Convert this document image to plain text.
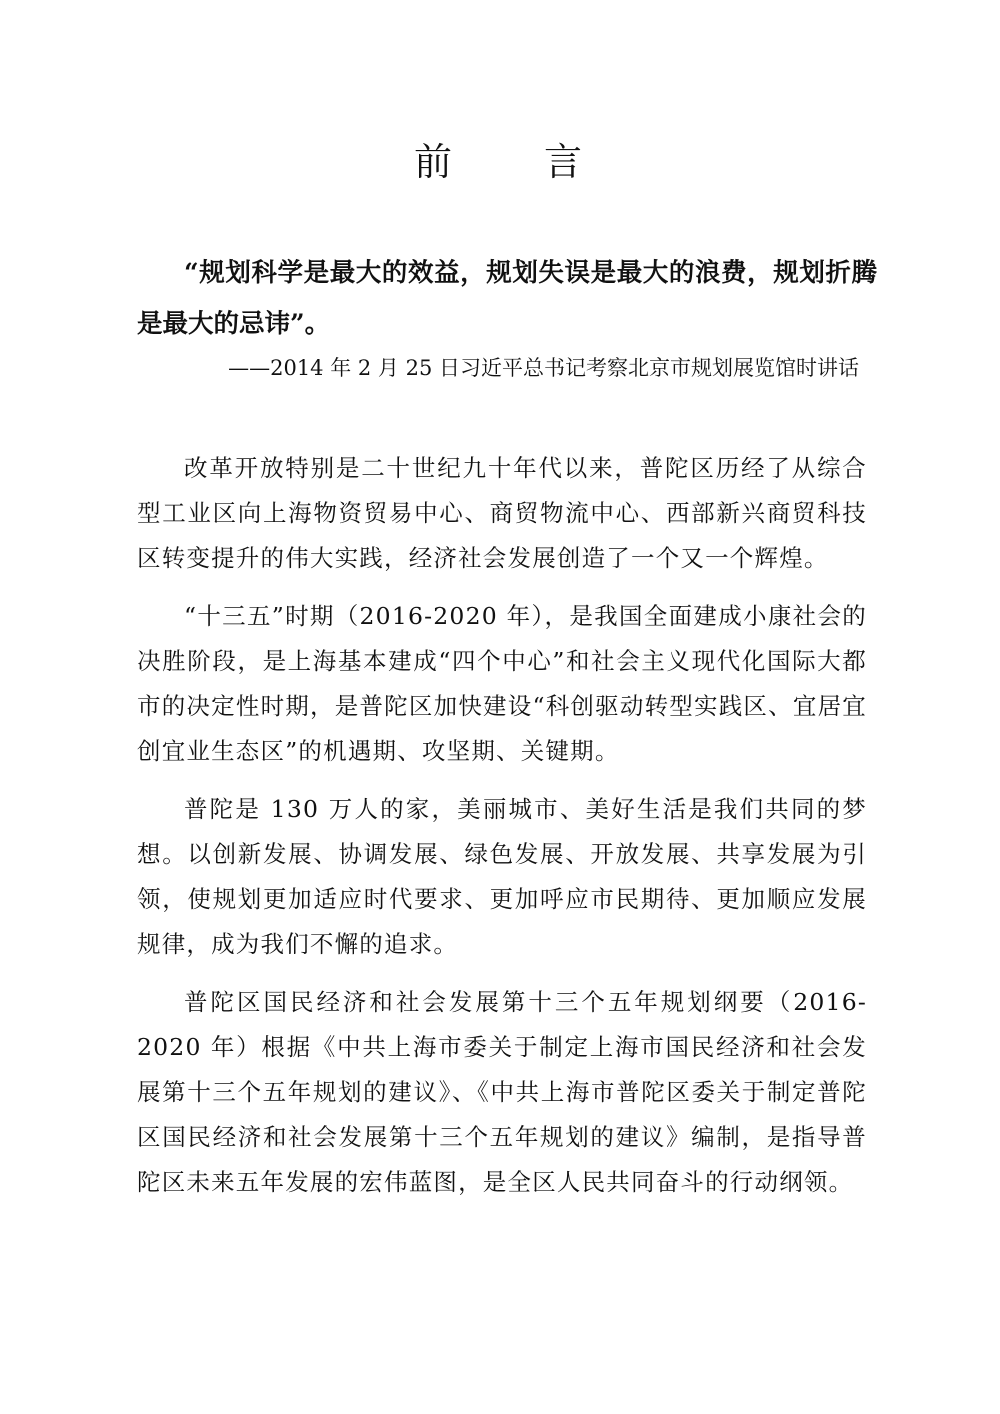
前 言

“规划科学是最大的效益，规划失误是最大的浪费，规划折腾是最大的忌讳”。

——2014 年 2 月 25 日习近平总书记考察北京市规划展览馆时讲话

改革开放特别是二十世纪九十年代以来，普陀区历经了从综合型工业区向上海物资贸易中心、商贸物流中心、西部新兴商贸科技区转变提升的伟大实践，经济社会发展创造了一个又一个辉煌。

“十三五”时期（2016-2020 年），是我国全面建成小康社会的决胜阶段，是上海基本建成“四个中心”和社会主义现代化国际大都市的决定性时期，是普陀区加快建设“科创驱动转型实践区、宜居宜创宜业生态区”的机遇期、攻坚期、关键期。

普陀是 130 万人的家，美丽城市、美好生活是我们共同的梦想。以创新发展、协调发展、绿色发展、开放发展、共享发展为引领，使规划更加适应时代要求、更加呼应市民期待、更加顺应发展规律，成为我们不懈的追求。

普陀区国民经济和社会发展第十三个五年规划纲要（2016-2020 年）根据《中共上海市委关于制定上海市国民经济和社会发展第十三个五年规划的建议》、《中共上海市普陀区委关于制定普陀区国民经济和社会发展第十三个五年规划的建议》编制，是指导普陀区未来五年发展的宏伟蓝图，是全区人民共同奋斗的行动纲领。
